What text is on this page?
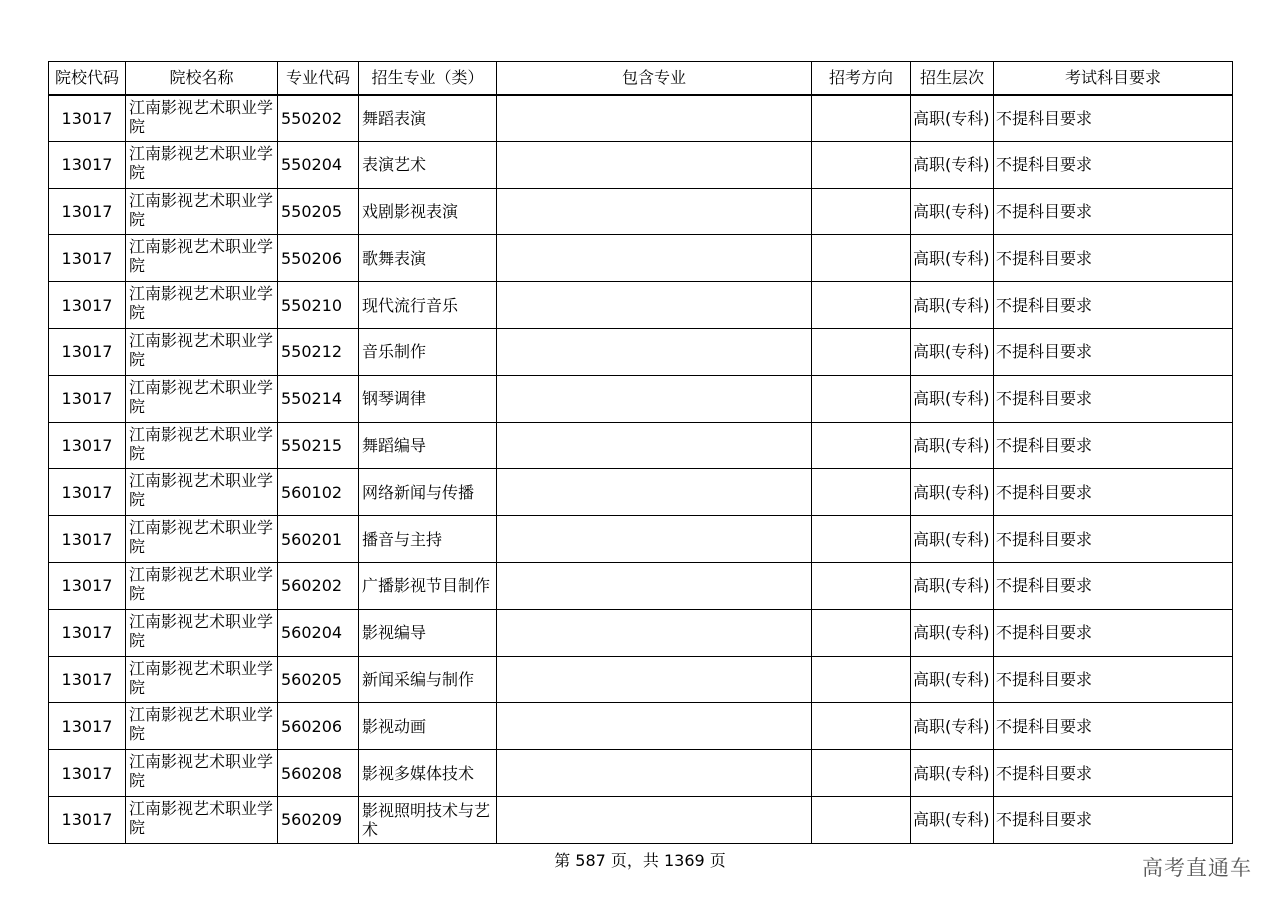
院校代码	院校名称	专业代码	招生专业（类）	包含专业	招考方向	招生层次	考试科目要求
13017	江南影视艺术职业学院	550202	舞蹈表演			高职(专科)	不提科目要求
13017	江南影视艺术职业学院	550204	表演艺术			高职(专科)	不提科目要求
13017	江南影视艺术职业学院	550205	戏剧影视表演			高职(专科)	不提科目要求
13017	江南影视艺术职业学院	550206	歌舞表演			高职(专科)	不提科目要求
13017	江南影视艺术职业学院	550210	现代流行音乐			高职(专科)	不提科目要求
13017	江南影视艺术职业学院	550212	音乐制作			高职(专科)	不提科目要求
13017	江南影视艺术职业学院	550214	钢琴调律			高职(专科)	不提科目要求
13017	江南影视艺术职业学院	550215	舞蹈编导			高职(专科)	不提科目要求
13017	江南影视艺术职业学院	560102	网络新闻与传播			高职(专科)	不提科目要求
13017	江南影视艺术职业学院	560201	播音与主持			高职(专科)	不提科目要求
13017	江南影视艺术职业学院	560202	广播影视节目制作			高职(专科)	不提科目要求
13017	江南影视艺术职业学院	560204	影视编导			高职(专科)	不提科目要求
13017	江南影视艺术职业学院	560205	新闻采编与制作			高职(专科)	不提科目要求
13017	江南影视艺术职业学院	560206	影视动画			高职(专科)	不提科目要求
13017	江南影视艺术职业学院	560208	影视多媒体技术			高职(专科)	不提科目要求
13017	江南影视艺术职业学院	560209	影视照明技术与艺术			高职(专科)	不提科目要求
第 587 页，共 1369 页	高考直通车
